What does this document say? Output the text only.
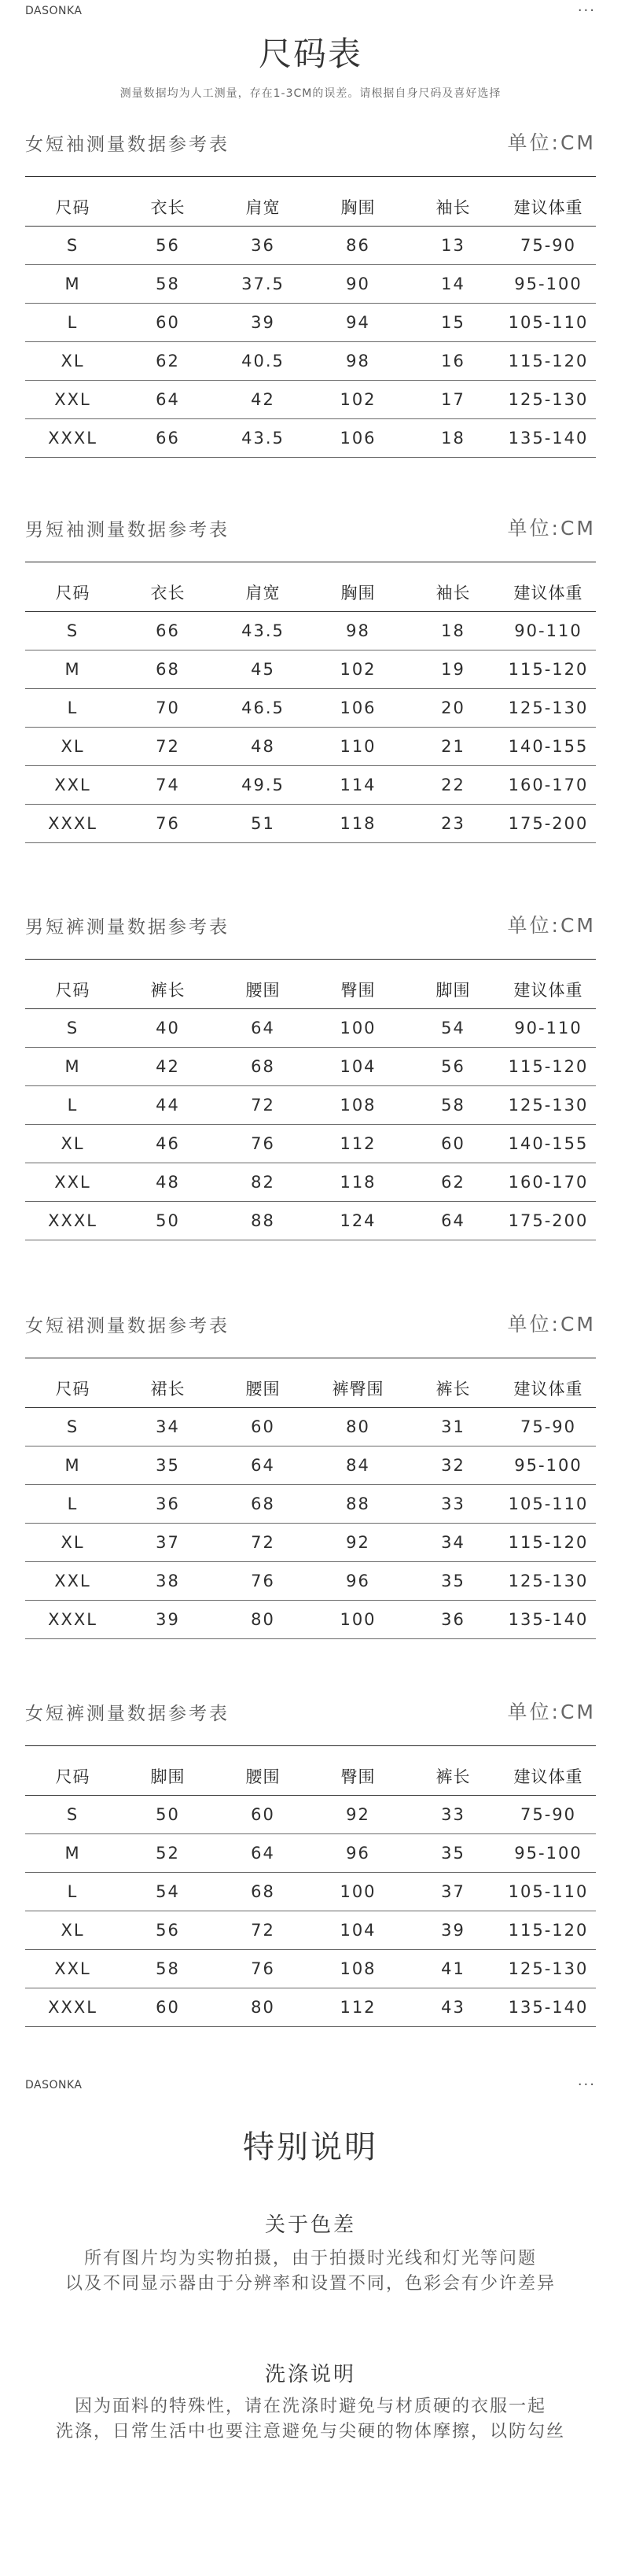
DASONKA	···
尺码表
测量数据均为人工测量，存在1-3CM的误差。请根据自身尺码及喜好选择
女短袖测量数据参考表	单位:CM
尺码	衣长	肩宽	胸围	袖长	建议体重
S	56	36	86	13	75-90
M	58	37.5	90	14	95-100
L	60	39	94	15	105-110
XL	62	40.5	98	16	115-120
XXL	64	42	102	17	125-130
XXXL	66	43.5	106	18	135-140
男短袖测量数据参考表	单位:CM
尺码	衣长	肩宽	胸围	袖长	建议体重
S	66	43.5	98	18	90-110
M	68	45	102	19	115-120
L	70	46.5	106	20	125-130
XL	72	48	110	21	140-155
XXL	74	49.5	114	22	160-170
XXXL	76	51	118	23	175-200
男短裤测量数据参考表	单位:CM
尺码	裤长	腰围	臀围	脚围	建议体重
S	40	64	100	54	90-110
M	42	68	104	56	115-120
L	44	72	108	58	125-130
XL	46	76	112	60	140-155
XXL	48	82	118	62	160-170
XXXL	50	88	124	64	175-200
女短裙测量数据参考表	单位:CM
尺码	裙长	腰围	裤臀围	裤长	建议体重
S	34	60	80	31	75-90
M	35	64	84	32	95-100
L	36	68	88	33	105-110
XL	37	72	92	34	115-120
XXL	38	76	96	35	125-130
XXXL	39	80	100	36	135-140
女短裤测量数据参考表	单位:CM
尺码	脚围	腰围	臀围	裤长	建议体重
S	50	60	92	33	75-90
M	52	64	96	35	95-100
L	54	68	100	37	105-110
XL	56	72	104	39	115-120
XXL	58	76	108	41	125-130
XXXL	60	80	112	43	135-140
DASONKA	···
特别说明
关于色差
所有图片均为实物拍摄，由于拍摄时光线和灯光等问题
以及不同显示器由于分辨率和设置不同，色彩会有少许差异
洗涤说明
因为面料的特殊性，请在洗涤时避免与材质硬的衣服一起
洗涤，日常生活中也要注意避免与尖硬的物体摩擦，以防勾丝
